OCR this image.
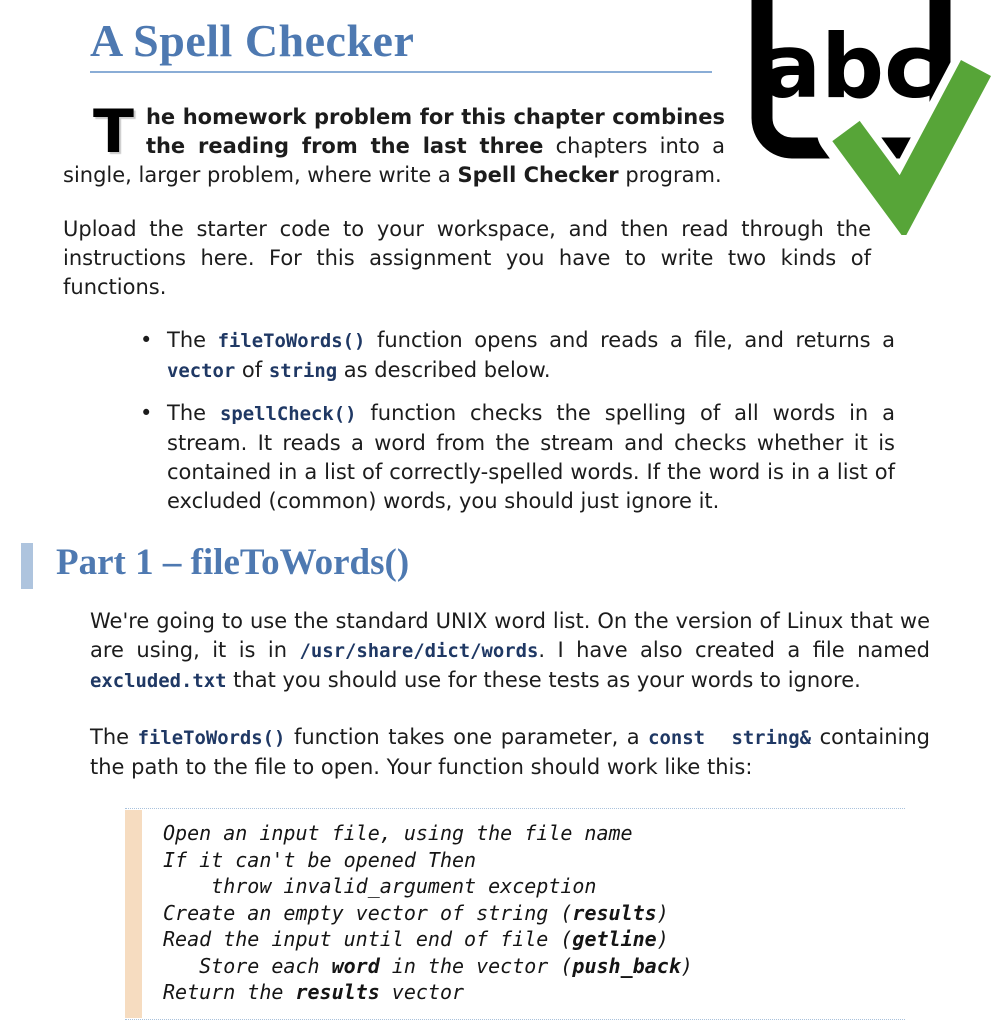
abc
A Spell Checker

The homework problem for this chapter combines the reading from the last three chapters into a single, larger problem, where write a Spell Checker program.

Upload the starter code to your workspace, and then read through the instructions here. For this assignment you have to write two kinds of functions.

• The fileToWords() function opens and reads a file, and returns a vector of string as described below.
• The spellCheck() function checks the spelling of all words in a stream. It reads a word from the stream and checks whether it is contained in a list of correctly-spelled words. If the word is in a list of excluded (common) words, you should just ignore it.
Part 1 – fileToWords()

We're going to use the standard UNIX word list. On the version of Linux that we are using, it is in /usr/share/dict/words. I have also created a file named excluded.txt that you should use for these tests as your words to ignore.

The fileToWords() function takes one parameter, a const  string& containing the path to the file to open. Your function should work like this:

Open an input file, using the file name
If it can't be opened Then
throw invalid_argument exception
Create an empty vector of string (results)
Read the input until end of file (getline)
Store each word in the vector (push_back)
Return the results vector
